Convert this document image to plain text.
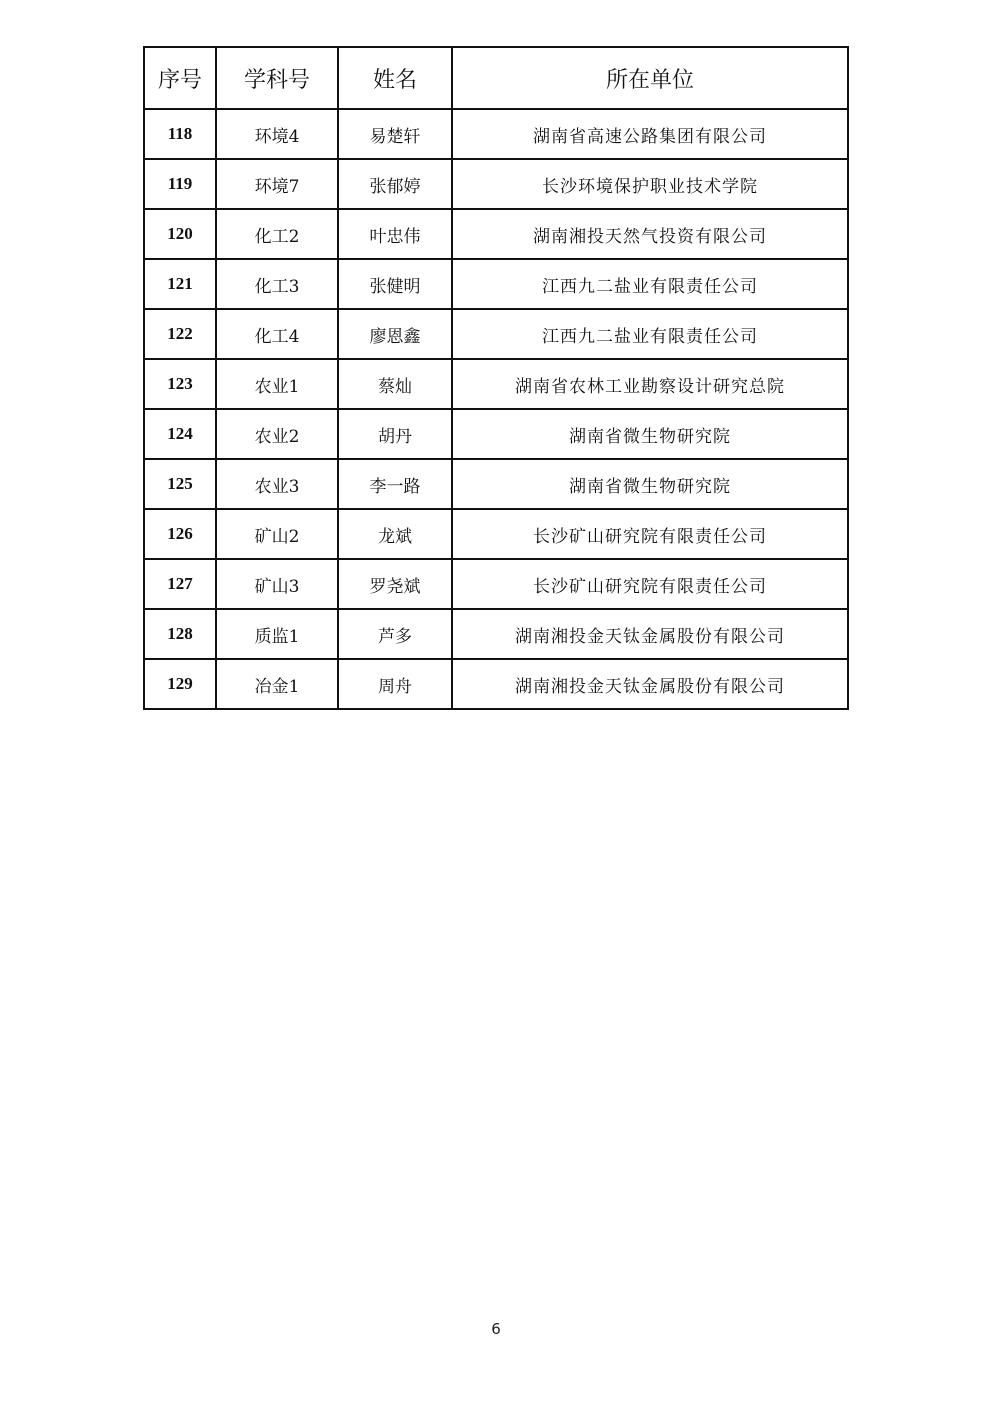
序号	学科号	姓名	所在单位
118	环境4	易楚轩	湖南省高速公路集团有限公司
119	环境7	张郁婷	长沙环境保护职业技术学院
120	化工2	叶忠伟	湖南湘投天然气投资有限公司
121	化工3	张健明	江西九二盐业有限责任公司
122	化工4	廖恩鑫	江西九二盐业有限责任公司
123	农业1	蔡灿	湖南省农林工业勘察设计研究总院
124	农业2	胡丹	湖南省微生物研究院
125	农业3	李一路	湖南省微生物研究院
126	矿山2	龙斌	长沙矿山研究院有限责任公司
127	矿山3	罗尧斌	长沙矿山研究院有限责任公司
128	质监1	芦多	湖南湘投金天钛金属股份有限公司
129	冶金1	周舟	湖南湘投金天钛金属股份有限公司
6
